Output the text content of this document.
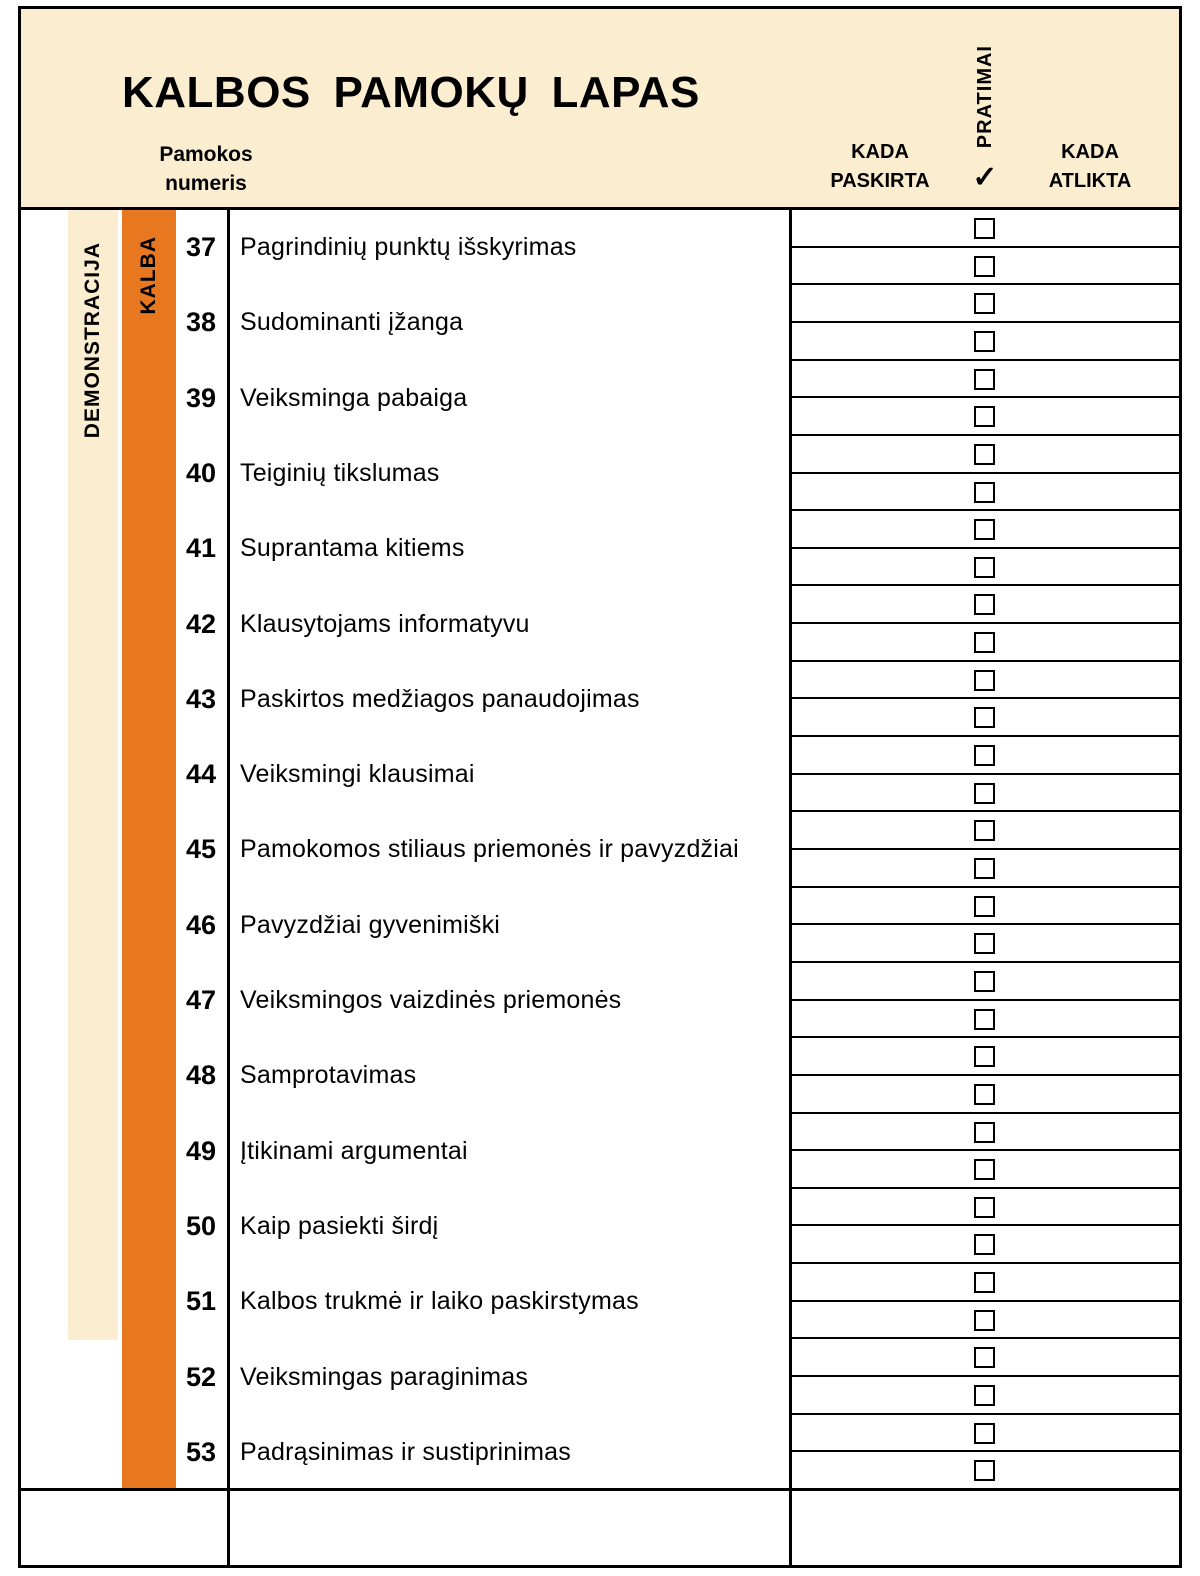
KALBOS PAMOKŲ LAPAS
Pamokos
numeris
KADA
PASKIRTA
PRATIMAI
✓
KADA
ATLIKTA
DEMONSTRACIJA KALBA 37 Pagrindinių punktų išskyrimas
38 Sudominanti įžanga
39 Veiksminga pabaiga
40 Teiginių tikslumas
41 Suprantama kitiems
42 Klausytojams informatyvu
43 Paskirtos medžiagos panaudojimas
44 Veiksmingi klausimai
45 Pamokomos stiliaus priemonės ir pavyzdžiai
46 Pavyzdžiai gyvenimiški
47 Veiksmingos vaizdinės priemonės
48 Samprotavimas
49 Įtikinami argumentai
50 Kaip pasiekti širdį
51 Kalbos trukmė ir laiko paskirstymas
52 Veiksmingas paraginimas
53 Padrąsinimas ir sustiprinimas
